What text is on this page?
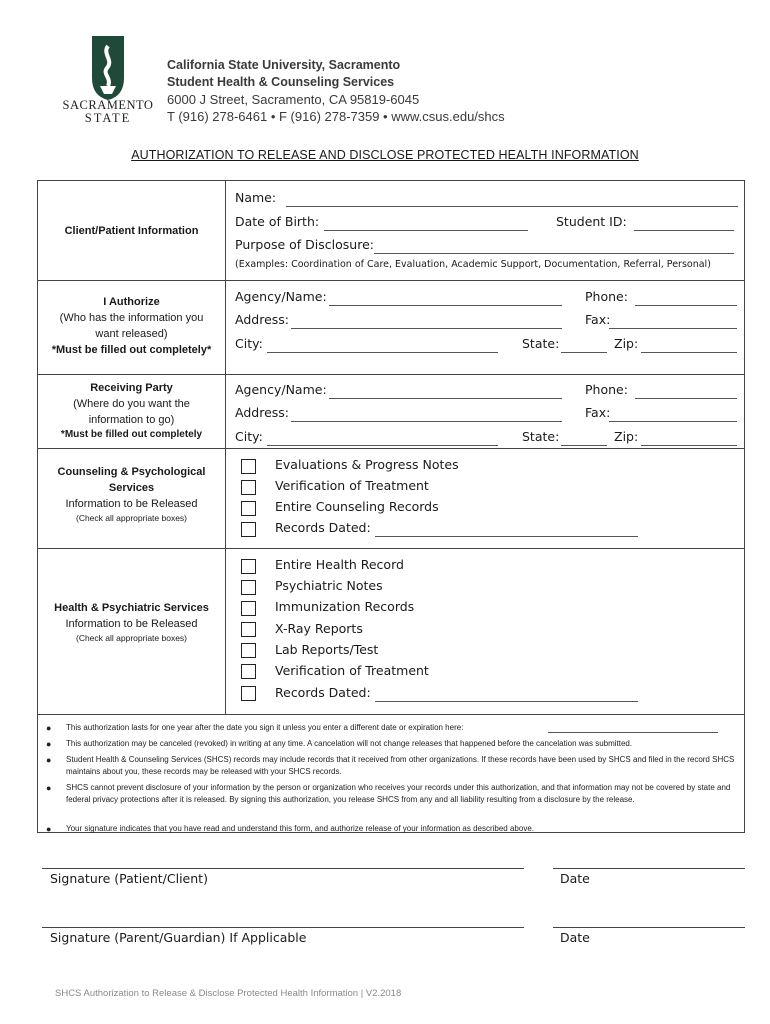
SACRAMENTO
STATE
California State University, Sacramento
Student Health & Counseling Services
6000 J Street, Sacramento, CA 95819-6045
T (916) 278-6461 • F (916) 278-7359 • www.csus.edu/shcs
AUTHORIZATION TO RELEASE AND DISCLOSE PROTECTED HEALTH INFORMATION
Client/Patient Information
Name:
Date of Birth:	Student ID:
Purpose of Disclosure:
(Examples: Coordination of Care, Evaluation, Academic Support, Documentation, Referral, Personal)
I Authorize
(Who has the information you
want released)
*Must be filled out completely*
Agency/Name:	Phone:
Address:	Fax:
City:	State:	Zip:
Receiving Party
(Where do you want the
information to go)
*Must be filled out completely
Agency/Name:	Phone:
Address:	Fax:
City:	State:	Zip:
Counseling & Psychological
Services
Information to be Released
(Check all appropriate boxes)
Evaluations & Progress Notes
Verification of Treatment
Entire Counseling Records
Records Dated:
Health & Psychiatric Services
Information to be Released
(Check all appropriate boxes)
Entire Health Record
Psychiatric Notes
Immunization Records
X-Ray Reports
Lab Reports/Test
Verification of Treatment
Records Dated:
● This authorization lasts for one year after the date you sign it unless you enter a different date or expiration here:
● This authorization may be canceled (revoked) in writing at any time. A cancelation will not change releases that happened before the cancelation was submitted.
● Student Health & Counseling Services (SHCS) records may include records that it received from other organizations. If these records have been used by SHCS and filed in the record SHCS maintains about you, these records may be released with your SHCS records.
● SHCS cannot prevent disclosure of your information by the person or organization who receives your records under this authorization, and that information may not be covered by state and federal privacy protections after it is released. By signing this authorization, you release SHCS from any and all liability resulting from a disclosure by the release.
● Your signature indicates that you have read and understand this form, and authorize release of your information as described above.
Signature (Patient/Client)	Date
Signature (Parent/Guardian) If Applicable	Date
SHCS Authorization to Release & Disclose Protected Health Information | V2.2018
